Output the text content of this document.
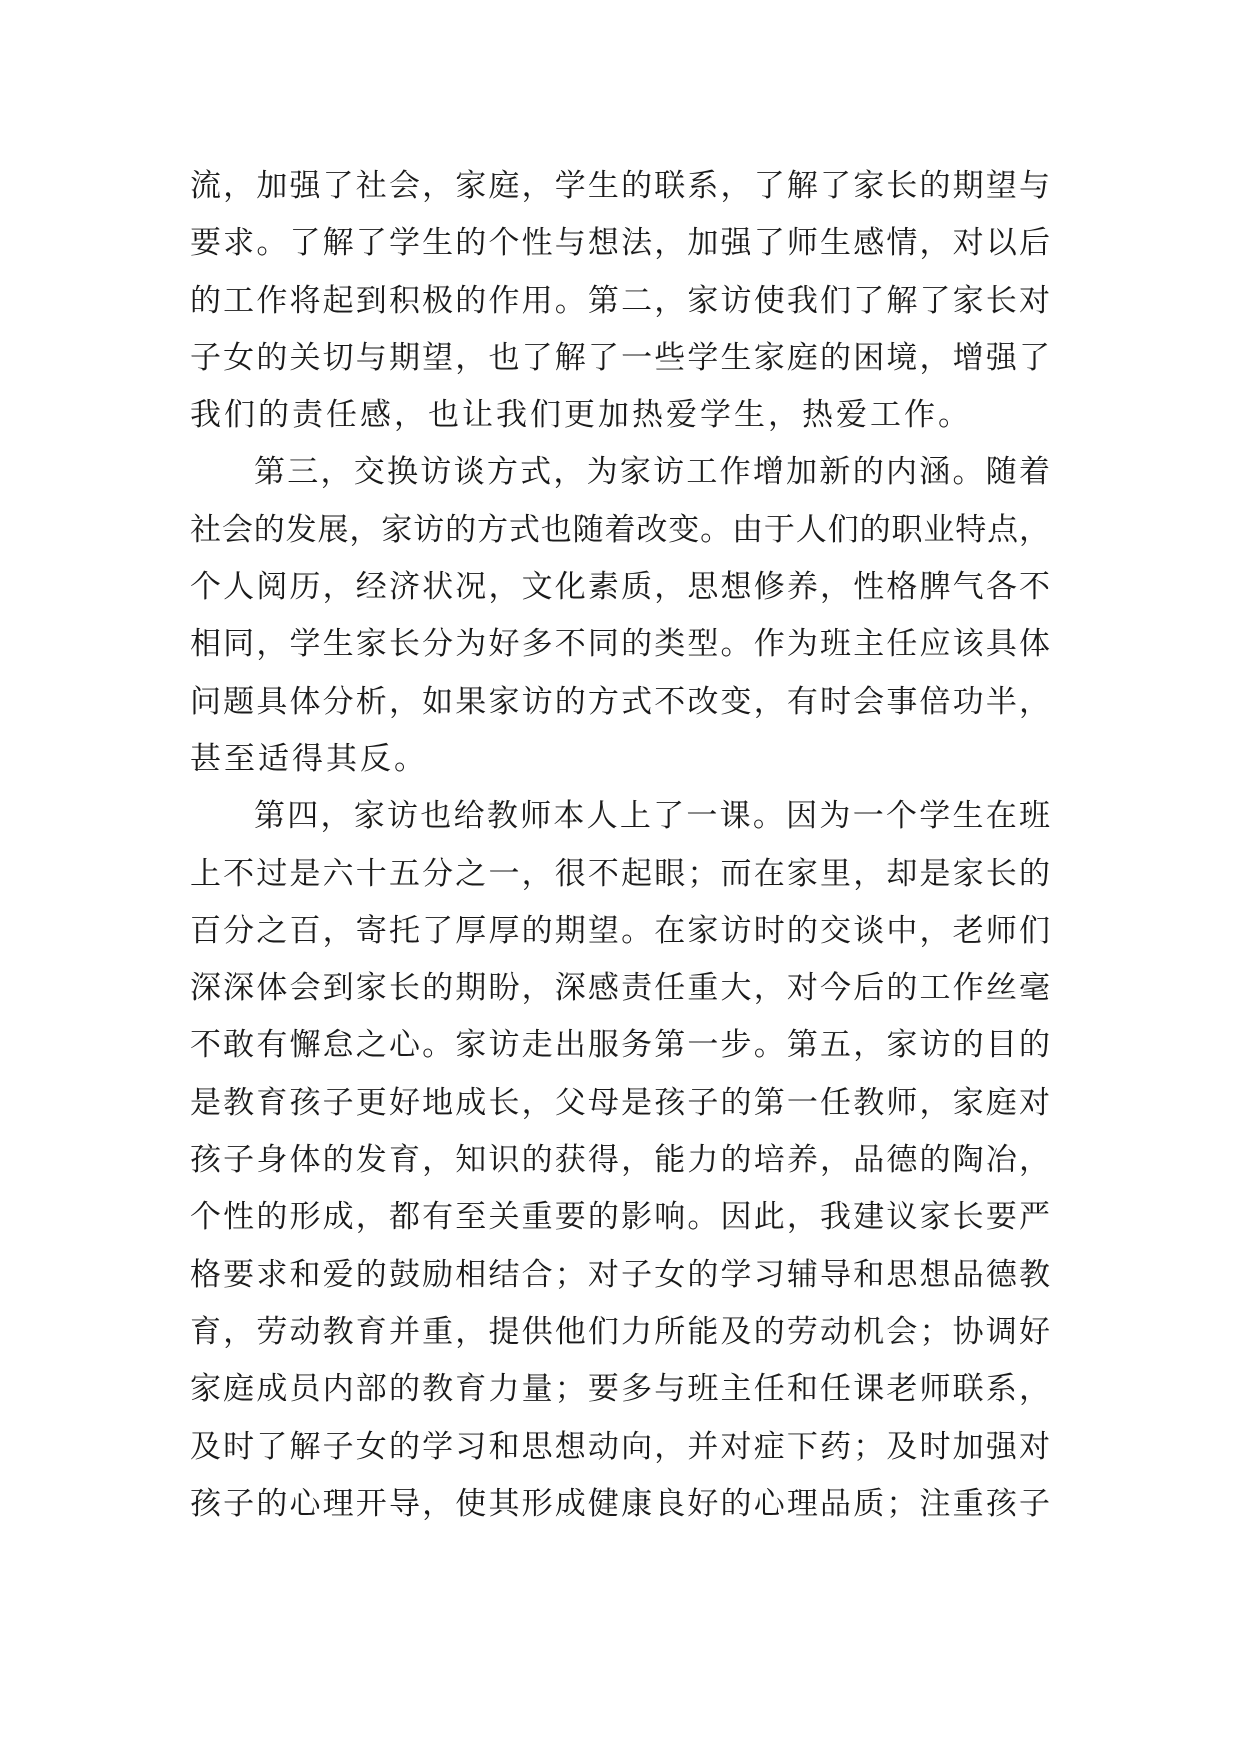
流，加强了社会，家庭，学生的联系，了解了家长的期望与
要求。了解了学生的个性与想法，加强了师生感情，对以后
的工作将起到积极的作用。第二，家访使我们了解了家长对
子女的关切与期望，也了解了一些学生家庭的困境，增强了
我们的责任感，也让我们更加热爱学生，热爱工作。
第三，交换访谈方式，为家访工作增加新的内涵。随着
社会的发展，家访的方式也随着改变。由于人们的职业特点，
个人阅历，经济状况，文化素质，思想修养，性格脾气各不
相同，学生家长分为好多不同的类型。作为班主任应该具体
问题具体分析，如果家访的方式不改变，有时会事倍功半，
甚至适得其反。
第四，家访也给教师本人上了一课。因为一个学生在班
上不过是六十五分之一，很不起眼；而在家里，却是家长的
百分之百，寄托了厚厚的期望。在家访时的交谈中，老师们
深深体会到家长的期盼，深感责任重大，对今后的工作丝毫
不敢有懈怠之心。家访走出服务第一步。第五，家访的目的
是教育孩子更好地成长，父母是孩子的第一任教师，家庭对
孩子身体的发育，知识的获得，能力的培养，品德的陶冶，
个性的形成，都有至关重要的影响。因此，我建议家长要严
格要求和爱的鼓励相结合；对子女的学习辅导和思想品德教
育，劳动教育并重，提供他们力所能及的劳动机会；协调好
家庭成员内部的教育力量；要多与班主任和任课老师联系，
及时了解子女的学习和思想动向，并对症下药；及时加强对
孩子的心理开导，使其形成健康良好的心理品质；注重孩子
